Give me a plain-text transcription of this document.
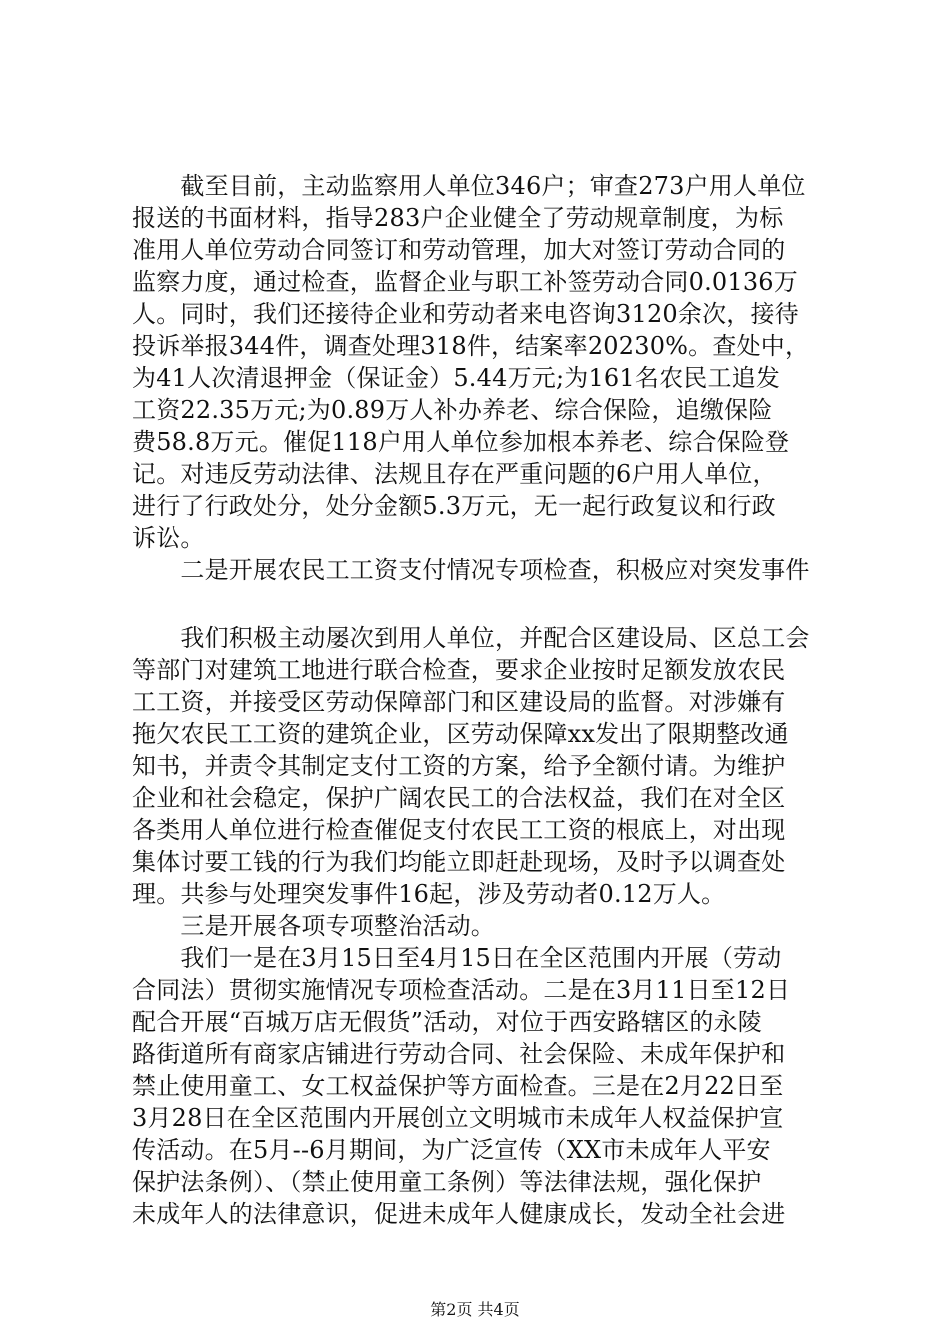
　　截至目前，主动监察用人单位346户；审查273户用人单位
报送的书面材料，指导283户企业健全了劳动规章制度，为标
准用人单位劳动合同签订和劳动管理，加大对签订劳动合同的
监察力度，通过检查，监督企业与职工补签劳动合同0.0136万
人。同时，我们还接待企业和劳动者来电咨询3120余次，接待
投诉举报344件，调查处理318件，结案率20230%。查处中，
为41人次清退押金（保证金）5.44万元;为161名农民工追发
工资22.35万元;为0.89万人补办养老、综合保险，追缴保险
费58.8万元。催促118户用人单位参加根本养老、综合保险登
记。对违反劳动法律、法规且存在严重问题的6户用人单位，
进行了行政处分，处分金额5.3万元，无一起行政复议和行政
诉讼。
　　二是开展农民工工资支付情况专项检查，积极应对突发事件
　　我们积极主动屡次到用人单位，并配合区建设局、区总工会
等部门对建筑工地进行联合检查，要求企业按时足额发放农民
工工资，并接受区劳动保障部门和区建设局的监督。对涉嫌有
拖欠农民工工资的建筑企业，区劳动保障xx发出了限期整改通
知书，并责令其制定支付工资的方案，给予全额付请。为维护
企业和社会稳定，保护广阔农民工的合法权益，我们在对全区
各类用人单位进行检查催促支付农民工工资的根底上，对出现
集体讨要工钱的行为我们均能立即赶赴现场，及时予以调查处
理。共参与处理突发事件16起，涉及劳动者0.12万人。
　　三是开展各项专项整治活动。
　　我们一是在3月15日至4月15日在全区范围内开展（劳动
合同法）贯彻实施情况专项检查活动。二是在3月11日至12日
配合开展“百城万店无假货”活动，对位于西安路辖区的永陵
路街道所有商家店铺进行劳动合同、社会保险、未成年保护和
禁止使用童工、女工权益保护等方面检查。三是在2月22日至
3月28日在全区范围内开展创立文明城市未成年人权益保护宣
传活动。在5月--6月期间，为广泛宣传（XX市未成年人平安
保护法条例）、（禁止使用童工条例）等法律法规，强化保护
未成年人的法律意识，促进未成年人健康成长，发动全社会进
第2页 共4页
